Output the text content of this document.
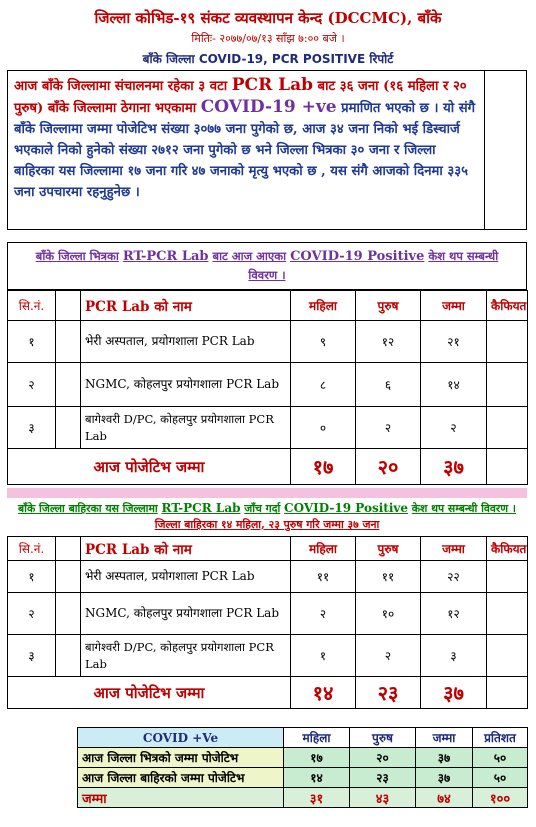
जिल्ला कोभिड-१९ संकट व्यवस्थापन केन्द (DCCMC), बाँके
मितिः- २०७७/०७/१३ साँझ ७:०० बजे ।
बाँके जिल्ला COVID-19, PCR POSITIVE रिपोर्ट

आज बाँके जिल्लामा संचालनमा रहेका ३ वटा PCR Lab बाट ३६ जना (१६ महिला र २० पुरुष) बाँके जिल्लामा ठेगाना भएकामा COVID-19 +ve प्रमाणित भएको छ । यो संगै बाँके जिल्लामा जम्मा पोजेटिभ संख्या ३०७७ जना पुगेको छ, आज ३४ जना निको भई डिस्चार्ज भएकाले निको हुनेको संख्या २७१२ जना पुगेको छ भने जिल्ला भित्रका ३० जना र जिल्ला बाहिरका यस जिल्लामा १७ जना गरि ४७ जनाको मृत्यु भएको छ , यस संगै आजको दिनमा ३३५ जना उपचारमा रहनुहुनेछ ।

बाँके जिल्ला भित्रका RT-PCR Lab बाट आज आएका COVID-19 Positive केश थप सम्बन्धी
विवरण ।
सि.नं.		PCR Lab को नाम	महिला	पुरुष	जम्मा	कैफियत
१		भेरी अस्पताल, प्रयोगशाला PCR Lab	९	१२	२१	
२		NGMC, कोहलपुर प्रयोगशाला PCR Lab	८	६	१४	
३		बागेश्वरी D/PC, कोहलपुर प्रयोगशाला PCR Lab	०	२	२	
आज पोजेटिभ जम्मा			१७	२०	३७	
बाँके जिल्ला बाहिरका यस जिल्लामा RT-PCR Lab जाँच गर्दा COVID-19 Positive केश थप सम्बन्धी विवरण ।
जिल्ला बाहिरका १४ महिला, २३ पुरुष गरि जम्मा ३७ जना
सि.नं.		PCR Lab को नाम	महिला	पुरुष	जम्मा	कैफियत
१		भेरी अस्पताल, प्रयोगशाला PCR Lab	११	११	२२	
२		NGMC, कोहलपुर प्रयोगशाला PCR Lab	२	१०	१२	
३		बागेश्वरी D/PC, कोहलपुर प्रयोगशाला PCR Lab	१	२	३	
आज पोजेटिभ जम्मा			१४	२३	३७	
COVID +Ve	महिला	पुरुष	जम्मा	प्रतिशत
आज जिल्ला भित्रको जम्मा पोजेटिभ	१७	२०	३७	५०
आज जिल्ला बाहिरको जम्मा पोजेटिभ	१४	२३	३७	५०
जम्मा	३१	४३	७४	१००
